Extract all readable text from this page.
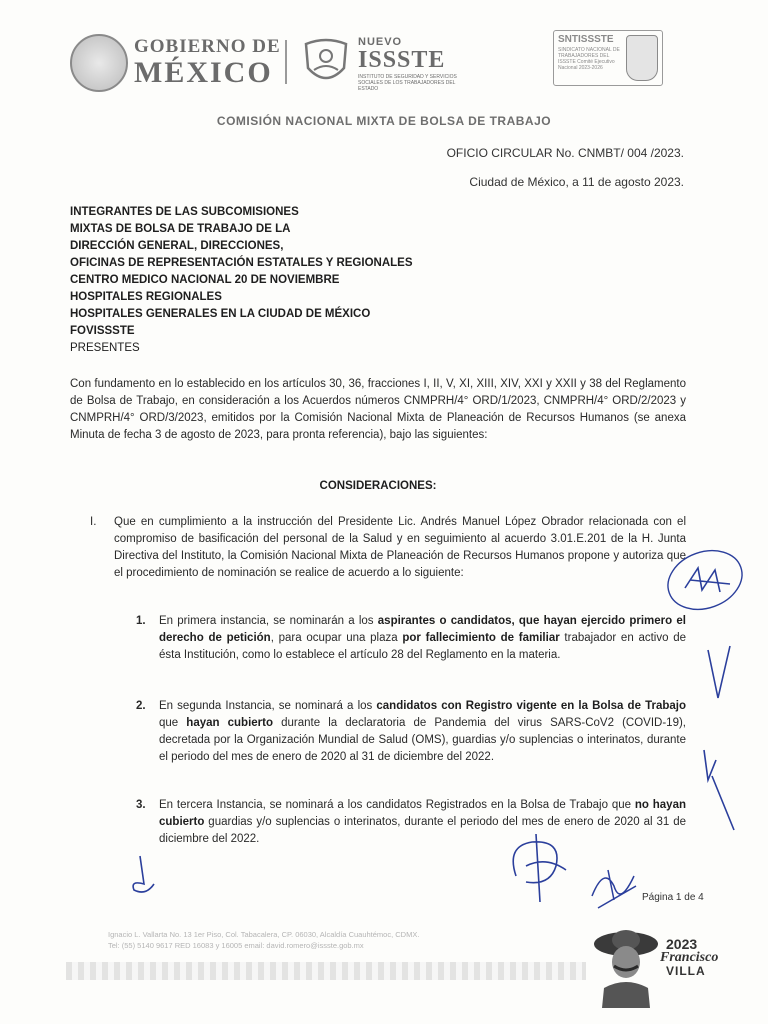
GOBIERNO DE
MÉXICO
NUEVO
ISSSTE
INSTITUTO DE SEGURIDAD Y SERVICIOS SOCIALES DE LOS TRABAJADORES DEL ESTADO
SNTISSSTE
SINDICATO NACIONAL DE TRABAJADORES DEL ISSSTE Comité Ejecutivo Nacional 2023-2026
COMISIÓN NACIONAL MIXTA DE BOLSA DE TRABAJO
OFICIO CIRCULAR No. CNMBT/ 004 /2023.
Ciudad de México, a 11 de agosto 2023.
INTEGRANTES DE LAS SUBCOMISIONES
MIXTAS DE BOLSA DE TRABAJO DE LA
DIRECCIÓN GENERAL, DIRECCIONES,
OFICINAS DE REPRESENTACIÓN ESTATALES Y REGIONALES
CENTRO MEDICO NACIONAL 20 DE NOVIEMBRE
HOSPITALES REGIONALES
HOSPITALES GENERALES EN LA CIUDAD DE MÉXICO
FOVISSSTE
PRESENTES
Con fundamento en lo establecido en los artículos 30, 36, fracciones I, II, V, XI, XIII, XIV, XXI y XXII y 38 del Reglamento de Bolsa de Trabajo, en consideración a los Acuerdos números CNMPRH/4° ORD/1/2023, CNMPRH/4° ORD/2/2023 y CNMPRH/4° ORD/3/2023, emitidos por la Comisión Nacional Mixta de Planeación de Recursos Humanos (se anexa Minuta de fecha 3 de agosto de 2023, para pronta referencia), bajo las siguientes:
CONSIDERACIONES:
I. Que en cumplimiento a la instrucción del Presidente Lic. Andrés Manuel López Obrador relacionada con el compromiso de basificación del personal de la Salud y en seguimiento al acuerdo 3.01.E.201 de la H. Junta Directiva del Instituto, la Comisión Nacional Mixta de Planeación de Recursos Humanos propone y autoriza que el procedimiento de nominación se realice de acuerdo a lo siguiente:
1. En primera instancia, se nominarán a los aspirantes o candidatos, que hayan ejercido primero el derecho de petición, para ocupar una plaza por fallecimiento de familiar trabajador en activo de ésta Institución, como lo establece el artículo 28 del Reglamento en la materia.
2. En segunda Instancia, se nominará a los candidatos con Registro vigente en la Bolsa de Trabajo que hayan cubierto durante la declaratoria de Pandemia del virus SARS-CoV2 (COVID-19), decretada por la Organización Mundial de Salud (OMS), guardias y/o suplencias o interinatos, durante el periodo del mes de enero de 2020 al 31 de diciembre del 2022.
3. En tercera Instancia, se nominará a los candidatos Registrados en la Bolsa de Trabajo que no hayan cubierto guardias y/o suplencias o interinatos, durante el periodo del mes de enero de 2020 al 31 de diciembre del 2022.
Página 1 de 4
Ignacio L. Vallarta No. 13 1er Piso, Col. Tabacalera, CP. 06030, Alcaldía Cuauhtémoc, CDMX.
Tel: (55) 5140 9617 RED 16083 y 16005 email: david.romero@issste.gob.mx	2023
Francisco
VILLA
